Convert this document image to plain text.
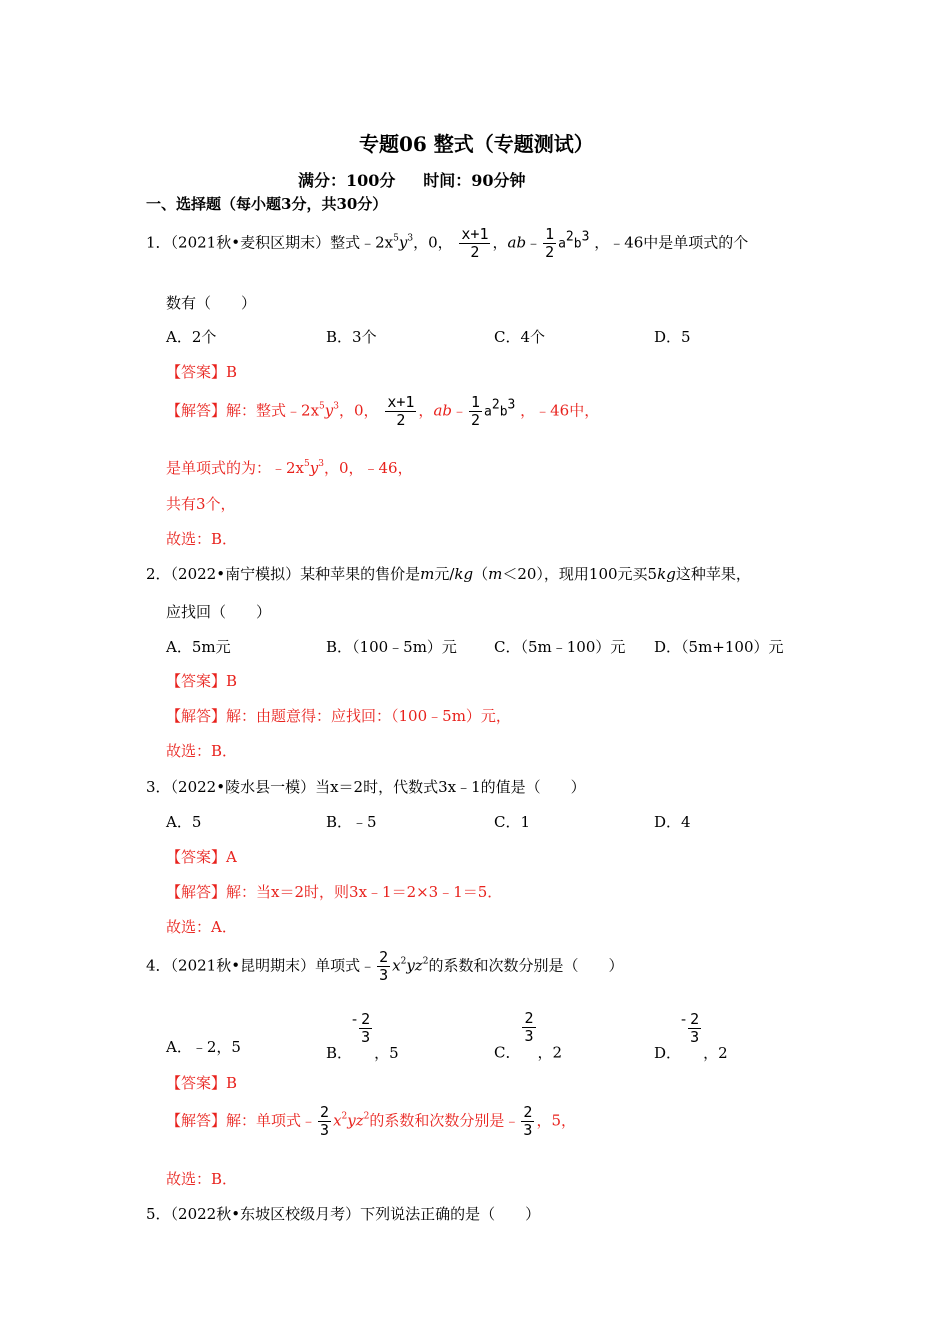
专题06 整式（专题测试）
满分：100分     时间：90分钟
一、选择题（每小题3分，共30分）
1．（2021秋•麦积区期末）整式$﹣2x^5y^3$，0， $\frac{x+1}{2}$ ，ab﹣ $\frac{1}{2} a^2b^3$ ，﹣46中是单项式的个
数有（　　）
A．2个	B．3个	C．4个	D．5
【答案】B
【解答】解：整式$﹣2x^5y^3$，0， $\frac{x+1}{2}$ ，ab﹣ $\frac{1}{2} a^2b^3$ ，﹣46中，
是单项式的为：$﹣2x^5y^3$，0，﹣46，
共有3个，
故选：B．
2．（2022•南宁模拟）某种苹果的售价是m元/kg（m＜20），现用100元买5kg这种苹果，
应找回（　　）
A．5m元	B．（100﹣5m）元 C．（5m﹣100）元 D．（5m+100）元
【答案】B
【解答】解：由题意得：应找回：（100﹣5m）元，
故选：B．
3．（2022•陵水县一模）当x＝2时，代数式3x﹣1的值是（　　）
A．5	B．﹣5	C．1	D．4
【答案】A
【解答】解：当x＝2时，则3x﹣1＝2×3﹣1＝5．
故选：A．
4．（2021秋•昆明期末）单项式﹣ $\frac{2}{3} x^2yz^2$的系数和次数分别是（　　）
A．﹣2，5	B．- $\frac{2}{3}$
，5	C．
$\frac{2}{3}$
，2	D．- $\frac{2}{3}$
，2
【答案】B
【解答】解：单项式﹣ $\frac{2}{3} x^2yz^2$的系数和次数分别是﹣ $\frac{2}{3}$ ，5，
故选：B．
5．（2022秋•东坡区校级月考）下列说法正确的是（　　）
